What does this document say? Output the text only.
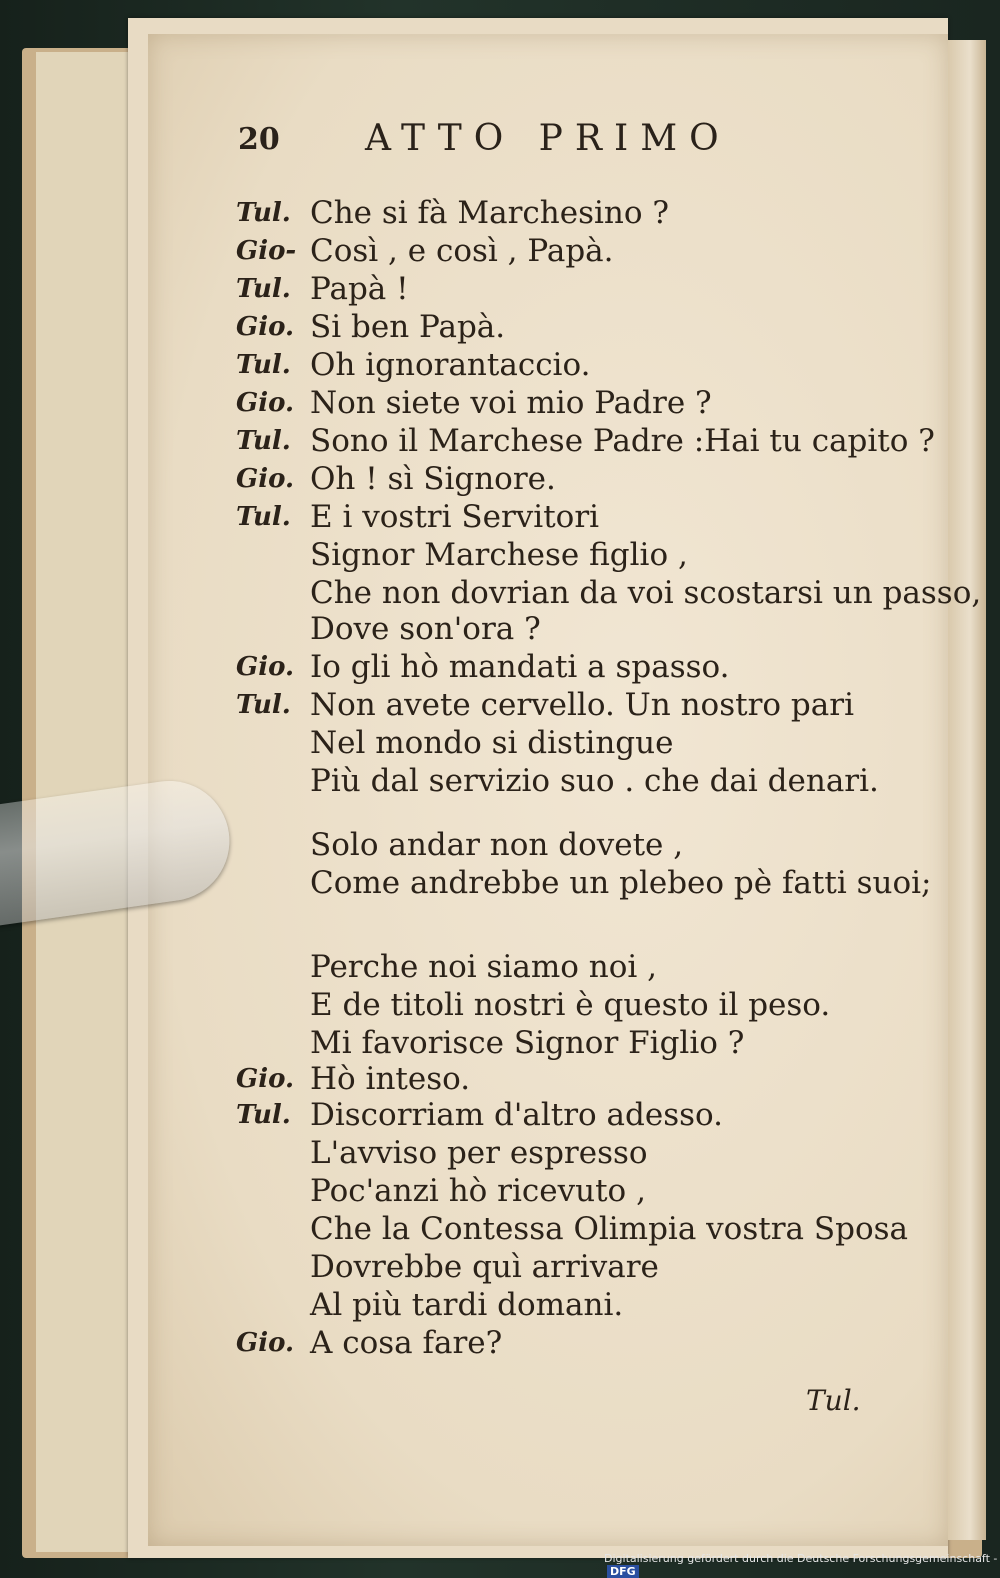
20 ATTO PRIMO
Tul. Che si fà Marchesino ?
Gio- Così , e così , Papà.
Tul. Papà !
Gio. Si ben Papà.
Tul. Oh ignorantaccio.
Gio. Non siete voi mio Padre ?
Tul. Sono il Marchese Padre :Hai tu capito ?
Gio. Oh ! sì Signore.
Tul. E i vostri Servitori
Signor Marchese figlio ,
Che non dovrian da voi scostarsi un passo,
Dove son'ora ?
Gio. Io gli hò mandati a spasso.
Tul. Non avete cervello. Un nostro pari
Nel mondo si distingue
Più dal servizio suo . che dai denari.
Solo andar non dovete ,
Come andrebbe un plebeo pè fatti suoi;
Perche noi siamo noi ,
E de titoli nostri è questo il peso.
Mi favorisce Signor Figlio ?
Gio. Hò inteso.
Tul. Discorriam d'altro adesso.
L'avviso per espresso
Poc'anzi hò ricevuto ,
Che la Contessa Olimpia vostra Sposa
Dovrebbe quì arrivare
Al più tardi domani.
Gio. A cosa fare?
Tul.
Digitalisierung gefördert durch die Deutsche Forschungsgemeinschaft -DFG
